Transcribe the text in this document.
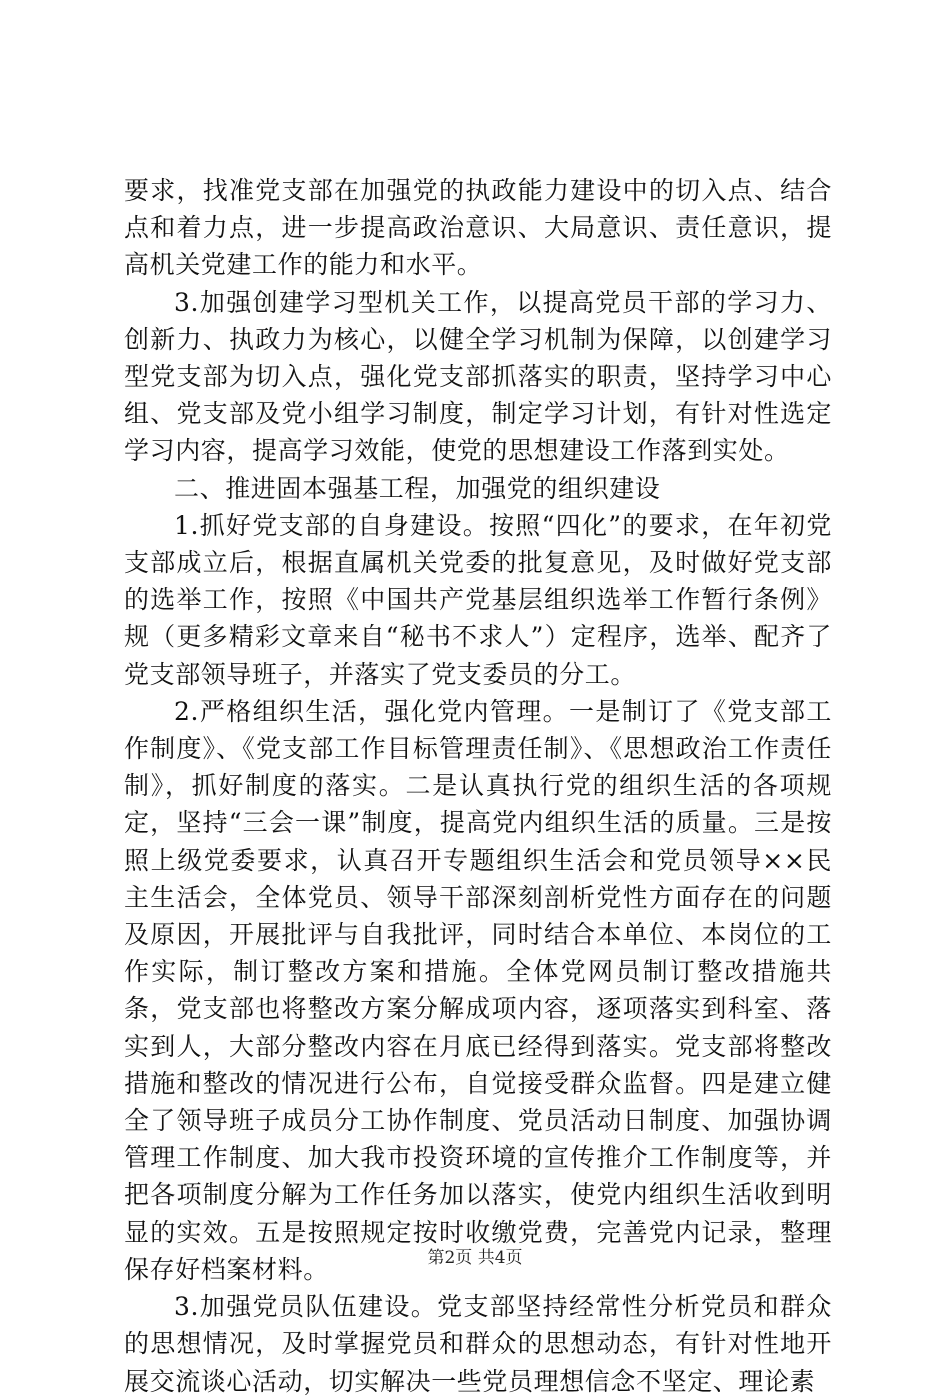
要求，找准党支部在加强党的执政能力建设中的切入点、结合点和着力点，进一步提高政治意识、大局意识、责任意识，提高机关党建工作的能力和水平。

3.加强创建学习型机关工作，以提高党员干部的学习力、创新力、执政力为核心，以健全学习机制为保障，以创建学习型党支部为切入点，强化党支部抓落实的职责，坚持学习中心组、党支部及党小组学习制度，制定学习计划，有针对性选定学习内容，提高学习效能，使党的思想建设工作落到实处。

二、推进固本强基工程，加强党的组织建设

1.抓好党支部的自身建设。按照“四化”的要求，在年初党支部成立后，根据直属机关党委的批复意见，及时做好党支部的选举工作，按照《中国共产党基层组织选举工作暂行条例》规（更多精彩文章来自“秘书不求人”）定程序，选举、配齐了党支部领导班子，并落实了党支委员的分工。

2.严格组织生活，强化党内管理。一是制订了《党支部工作制度》、《党支部工作目标管理责任制》、《思想政治工作责任制》，抓好制度的落实。二是认真执行党的组织生活的各项规定，坚持“三会一课”制度，提高党内组织生活的质量。三是按照上级党委要求，认真召开专题组织生活会和党员领导××民主生活会，全体党员、领导干部深刻剖析党性方面存在的问题及原因，开展批评与自我批评，同时结合本单位、本岗位的工作实际，制订整改方案和措施。全体党网员制订整改措施共条，党支部也将整改方案分解成项内容，逐项落实到科室、落实到人，大部分整改内容在月底已经得到落实。党支部将整改措施和整改的情况进行公布，自觉接受群众监督。四是建立健全了领导班子成员分工协作制度、党员活动日制度、加强协调管理工作制度、加大我市投资环境的宣传推介工作制度等，并把各项制度分解为工作任务加以落实，使党内组织生活收到明显的实效。五是按照规定按时收缴党费，完善党内记录，整理保存好档案材料。

3.加强党员队伍建设。党支部坚持经常性分析党员和群众的思想情况，及时掌握党员和群众的思想动态，有针对性地开展交流谈心活动，切实解决一些党员理想信念不坚定、理论素

第2页 共4页
